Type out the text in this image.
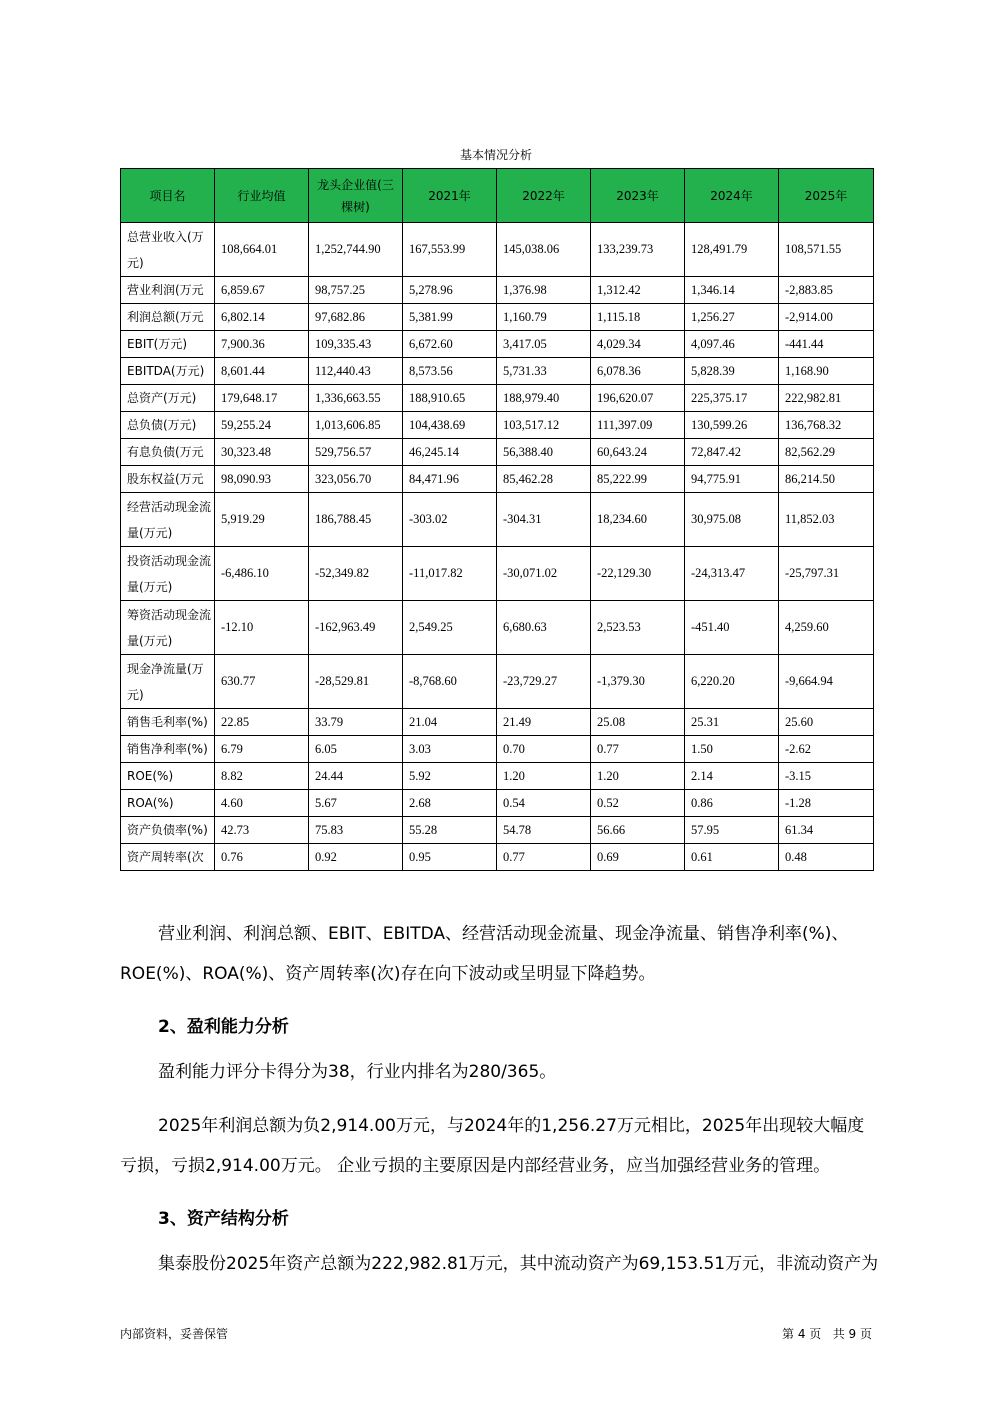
基本情况分析
项目名	行业均值	龙头企业值(三棵树)	2021年	2022年	2023年	2024年	2025年
总营业收入(万元)	108,664.01	1,252,744.90	167,553.99	145,038.06	133,239.73	128,491.79	108,571.55
营业利润(万元	6,859.67	98,757.25	5,278.96	1,376.98	1,312.42	1,346.14	-2,883.85
利润总额(万元	6,802.14	97,682.86	5,381.99	1,160.79	1,115.18	1,256.27	-2,914.00
EBIT(万元)	7,900.36	109,335.43	6,672.60	3,417.05	4,029.34	4,097.46	-441.44
EBITDA(万元)	8,601.44	112,440.43	8,573.56	5,731.33	6,078.36	5,828.39	1,168.90
总资产(万元)	179,648.17	1,336,663.55	188,910.65	188,979.40	196,620.07	225,375.17	222,982.81
总负债(万元)	59,255.24	1,013,606.85	104,438.69	103,517.12	111,397.09	130,599.26	136,768.32
有息负债(万元	30,323.48	529,756.57	46,245.14	56,388.40	60,643.24	72,847.42	82,562.29
股东权益(万元	98,090.93	323,056.70	84,471.96	85,462.28	85,222.99	94,775.91	86,214.50
经营活动现金流量(万元)	5,919.29	186,788.45	-303.02	-304.31	18,234.60	30,975.08	11,852.03
投资活动现金流量(万元)	-6,486.10	-52,349.82	-11,017.82	-30,071.02	-22,129.30	-24,313.47	-25,797.31
筹资活动现金流量(万元)	-12.10	-162,963.49	2,549.25	6,680.63	2,523.53	-451.40	4,259.60
现金净流量(万元)	630.77	-28,529.81	-8,768.60	-23,729.27	-1,379.30	6,220.20	-9,664.94
销售毛利率(%)	22.85	33.79	21.04	21.49	25.08	25.31	25.60
销售净利率(%)	6.79	6.05	3.03	0.70	0.77	1.50	-2.62
ROE(%)	8.82	24.44	5.92	1.20	1.20	2.14	-3.15
ROA(%)	4.60	5.67	2.68	0.54	0.52	0.86	-1.28
资产负债率(%)	42.73	75.83	55.28	54.78	56.66	57.95	61.34
资产周转率(次	0.76	0.92	0.95	0.77	0.69	0.61	0.48
营业利润、利润总额、EBIT、EBITDA、经营活动现金流量、现金净流量、销售净利率(%)、ROE(%)、ROA(%)、资产周转率(次)存在向下波动或呈明显下降趋势。
2、盈利能力分析
盈利能力评分卡得分为38，行业内排名为280/365。
2025年利润总额为负2,914.00万元，与2024年的1,256.27万元相比，2025年出现较大幅度亏损，亏损2,914.00万元。 企业亏损的主要原因是内部经营业务，应当加强经营业务的管理。
3、资产结构分析
集泰股份2025年资产总额为222,982.81万元，其中流动资产为69,153.51万元，非流动资产为
内部资料，妥善保管	第 4 页   共 9 页
